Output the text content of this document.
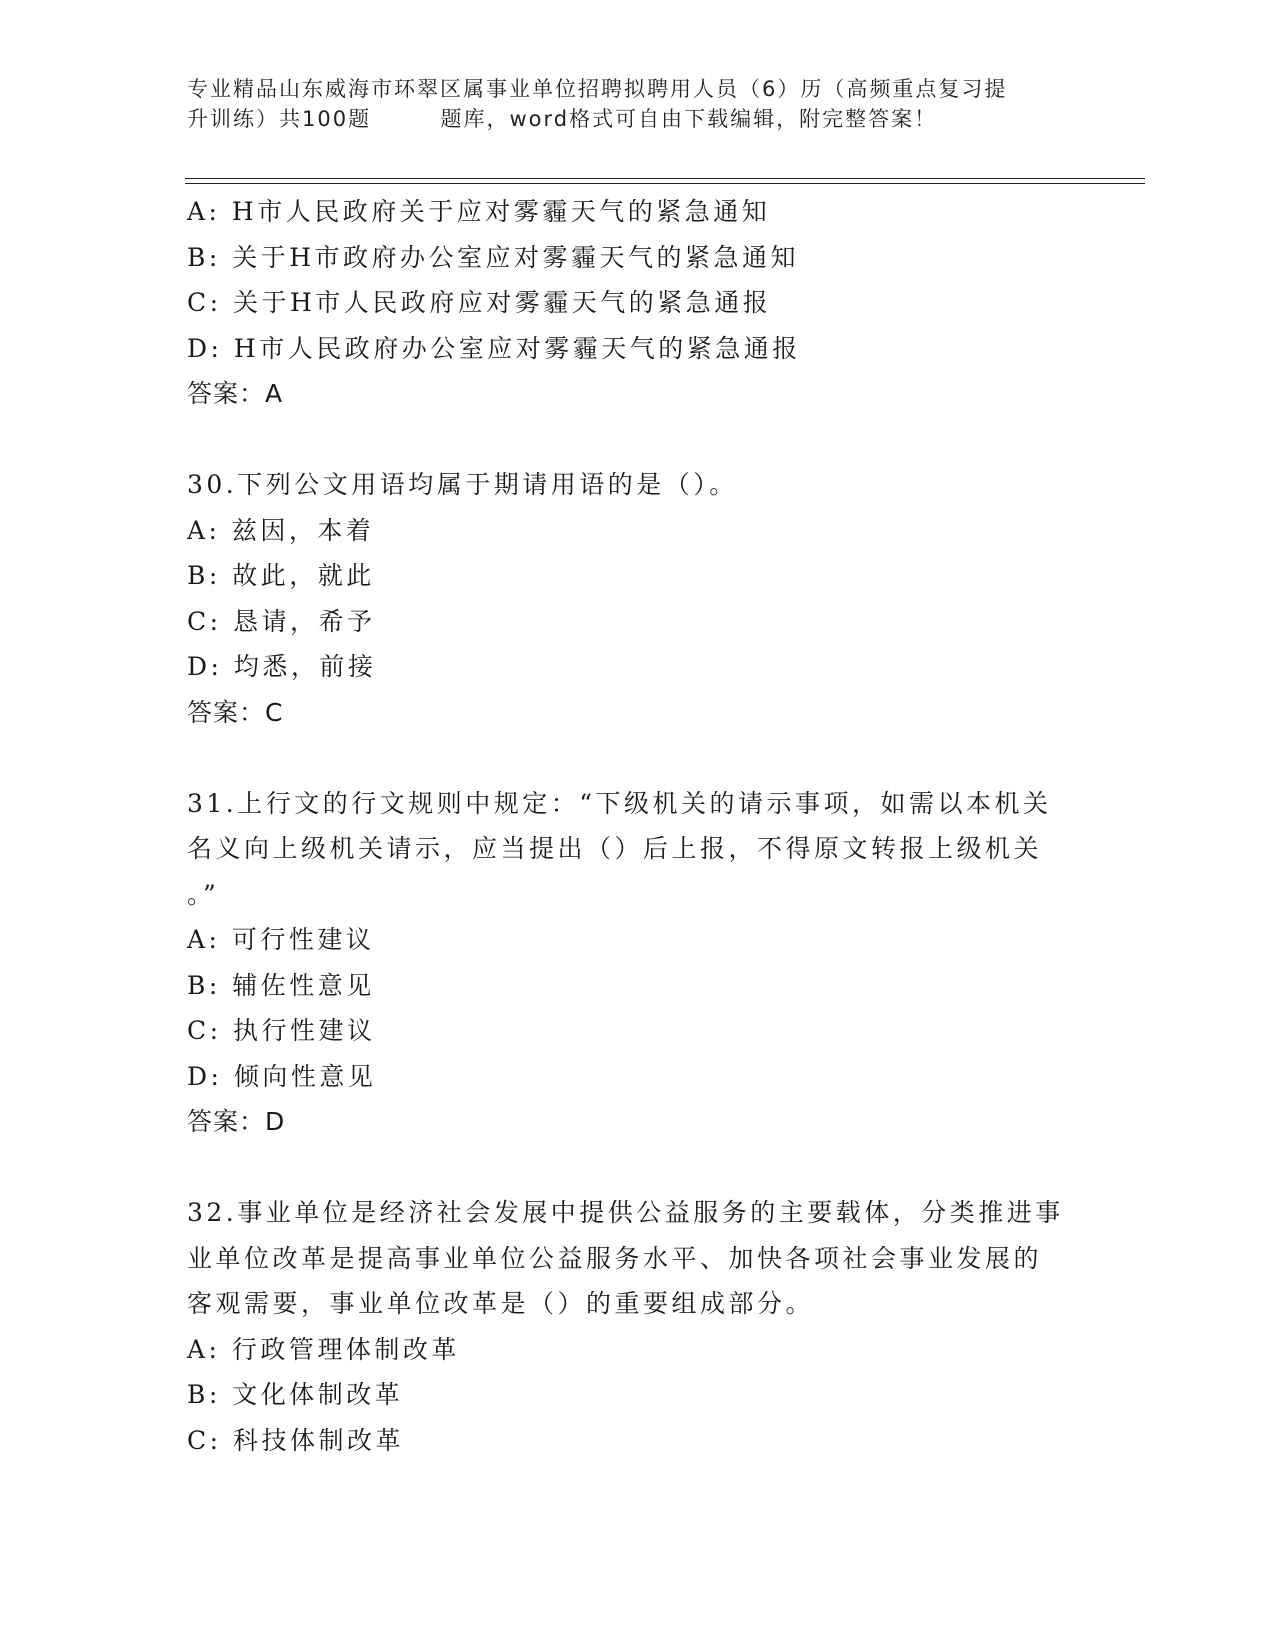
专业精品山东威海市环翠区属事业单位招聘拟聘用人员（6）历（高频重点复习提
升训练）共100题        题库，word格式可自由下载编辑，附完整答案！
A: H市人民政府关于应对雾霾天气的紧急通知
B: 关于H市政府办公室应对雾霾天气的紧急通知
C: 关于H市人民政府应对雾霾天气的紧急通报
D: H市人民政府办公室应对雾霾天气的紧急通报
答案：A
30.下列公文用语均属于期请用语的是（）。
A: 兹因，本着
B: 故此，就此
C: 恳请，希予
D: 均悉，前接
答案：C
31.上行文的行文规则中规定：“下级机关的请示事项，如需以本机关
名义向上级机关请示，应当提出（）后上报，不得原文转报上级机关
。”
A: 可行性建议
B: 辅佐性意见
C: 执行性建议
D: 倾向性意见
答案：D
32.事业单位是经济社会发展中提供公益服务的主要载体，分类推进事
业单位改革是提高事业单位公益服务水平、加快各项社会事业发展的
客观需要，事业单位改革是（）的重要组成部分。
A: 行政管理体制改革
B: 文化体制改革
C: 科技体制改革
